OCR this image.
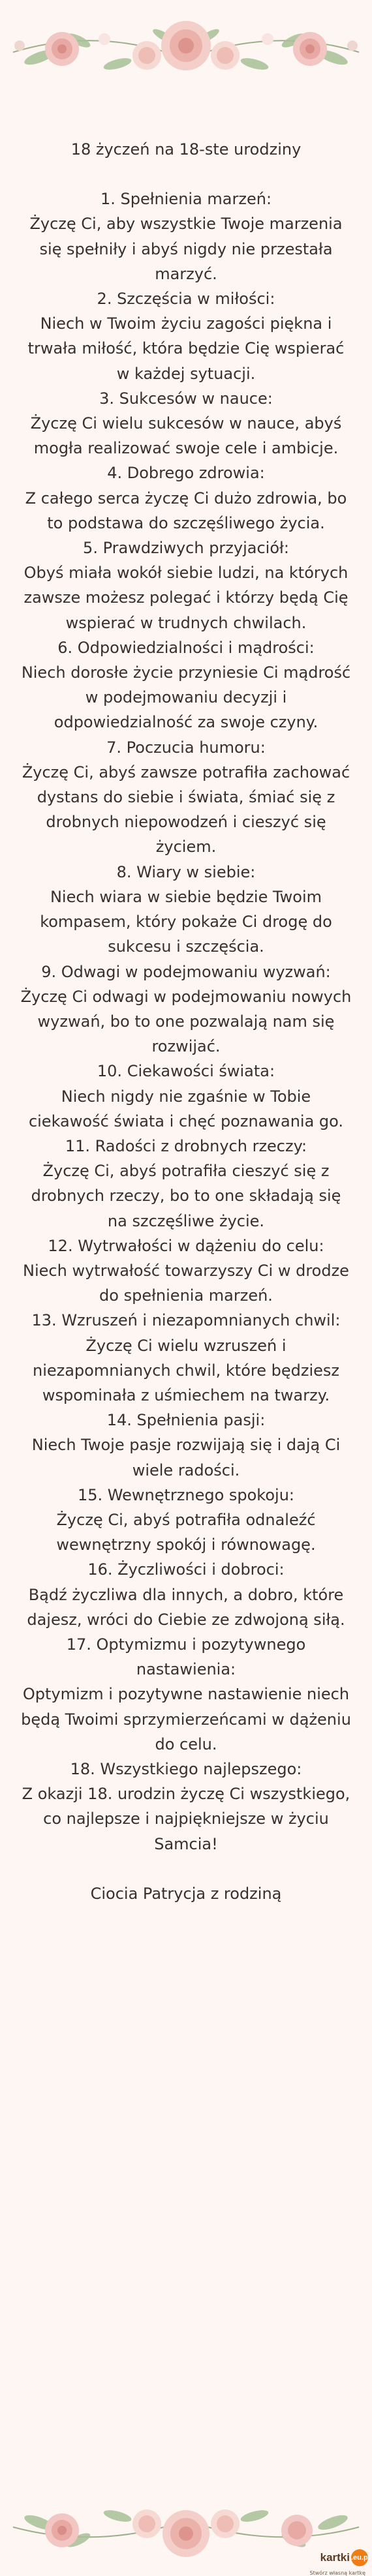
18 życzeń na 18-ste urodziny
1. Spełnienia marzeń:
Życzę Ci, aby wszystkie Twoje marzenia się spełniły i abyś nigdy nie przestała marzyć.
2. Szczęścia w miłości:
Niech w Twoim życiu zagości piękna i trwała miłość, która będzie Cię wspierać w każdej sytuacji.
3. Sukcesów w nauce:
Życzę Ci wielu sukcesów w nauce, abyś mogła realizować swoje cele i ambicje.
4. Dobrego zdrowia:
Z całego serca życzę Ci dużo zdrowia, bo to podstawa do szczęśliwego życia.
5. Prawdziwych przyjaciół:
Obyś miała wokół siebie ludzi, na których zawsze możesz polegać i którzy będą Cię wspierać w trudnych chwilach.
6. Odpowiedzialności i mądrości:
Niech dorosłe życie przyniesie Ci mądrość w podejmowaniu decyzji i odpowiedzialność za swoje czyny.
7. Poczucia humoru:
Życzę Ci, abyś zawsze potrafiła zachować dystans do siebie i świata, śmiać się z drobnych niepowodzeń i cieszyć się życiem.
8. Wiary w siebie:
Niech wiara w siebie będzie Twoim kompasem, który pokaże Ci drogę do sukcesu i szczęścia.
9. Odwagi w podejmowaniu wyzwań:
Życzę Ci odwagi w podejmowaniu nowych wyzwań, bo to one pozwalają nam się rozwijać.
10. Ciekawości świata:
Niech nigdy nie zgaśnie w Tobie ciekawość świata i chęć poznawania go.
11. Radości z drobnych rzeczy:
Życzę Ci, abyś potrafiła cieszyć się z drobnych rzeczy, bo to one składają się na szczęśliwe życie.
12. Wytrwałości w dążeniu do celu:
Niech wytrwałość towarzyszy Ci w drodze do spełnienia marzeń.
13. Wzruszeń i niezapomnianych chwil:
Życzę Ci wielu wzruszeń i niezapomnianych chwil, które będziesz wspominała z uśmiechem na twarzy.
14. Spełnienia pasji:
Niech Twoje pasje rozwijają się i dają Ci wiele radości.
15. Wewnętrznego spokoju:
Życzę Ci, abyś potrafiła odnaleźć wewnętrzny spokój i równowagę.
16. Życzliwości i dobroci:
Bądź życzliwa dla innych, a dobro, które dajesz, wróci do Ciebie ze zdwojoną siłą.
17. Optymizmu i pozytywnego nastawienia:
Optymizm i pozytywne nastawienie niech będą Twoimi sprzymierzeńcami w dążeniu do celu.
18. Wszystkiego najlepszego:
Z okazji 18. urodzin życzę Ci wszystkiego, co najlepsze i najpiękniejsze w życiu Samcia!
Ciocia Patrycja z rodziną
kartki .eu.pl
Stwórz własną kartkę
